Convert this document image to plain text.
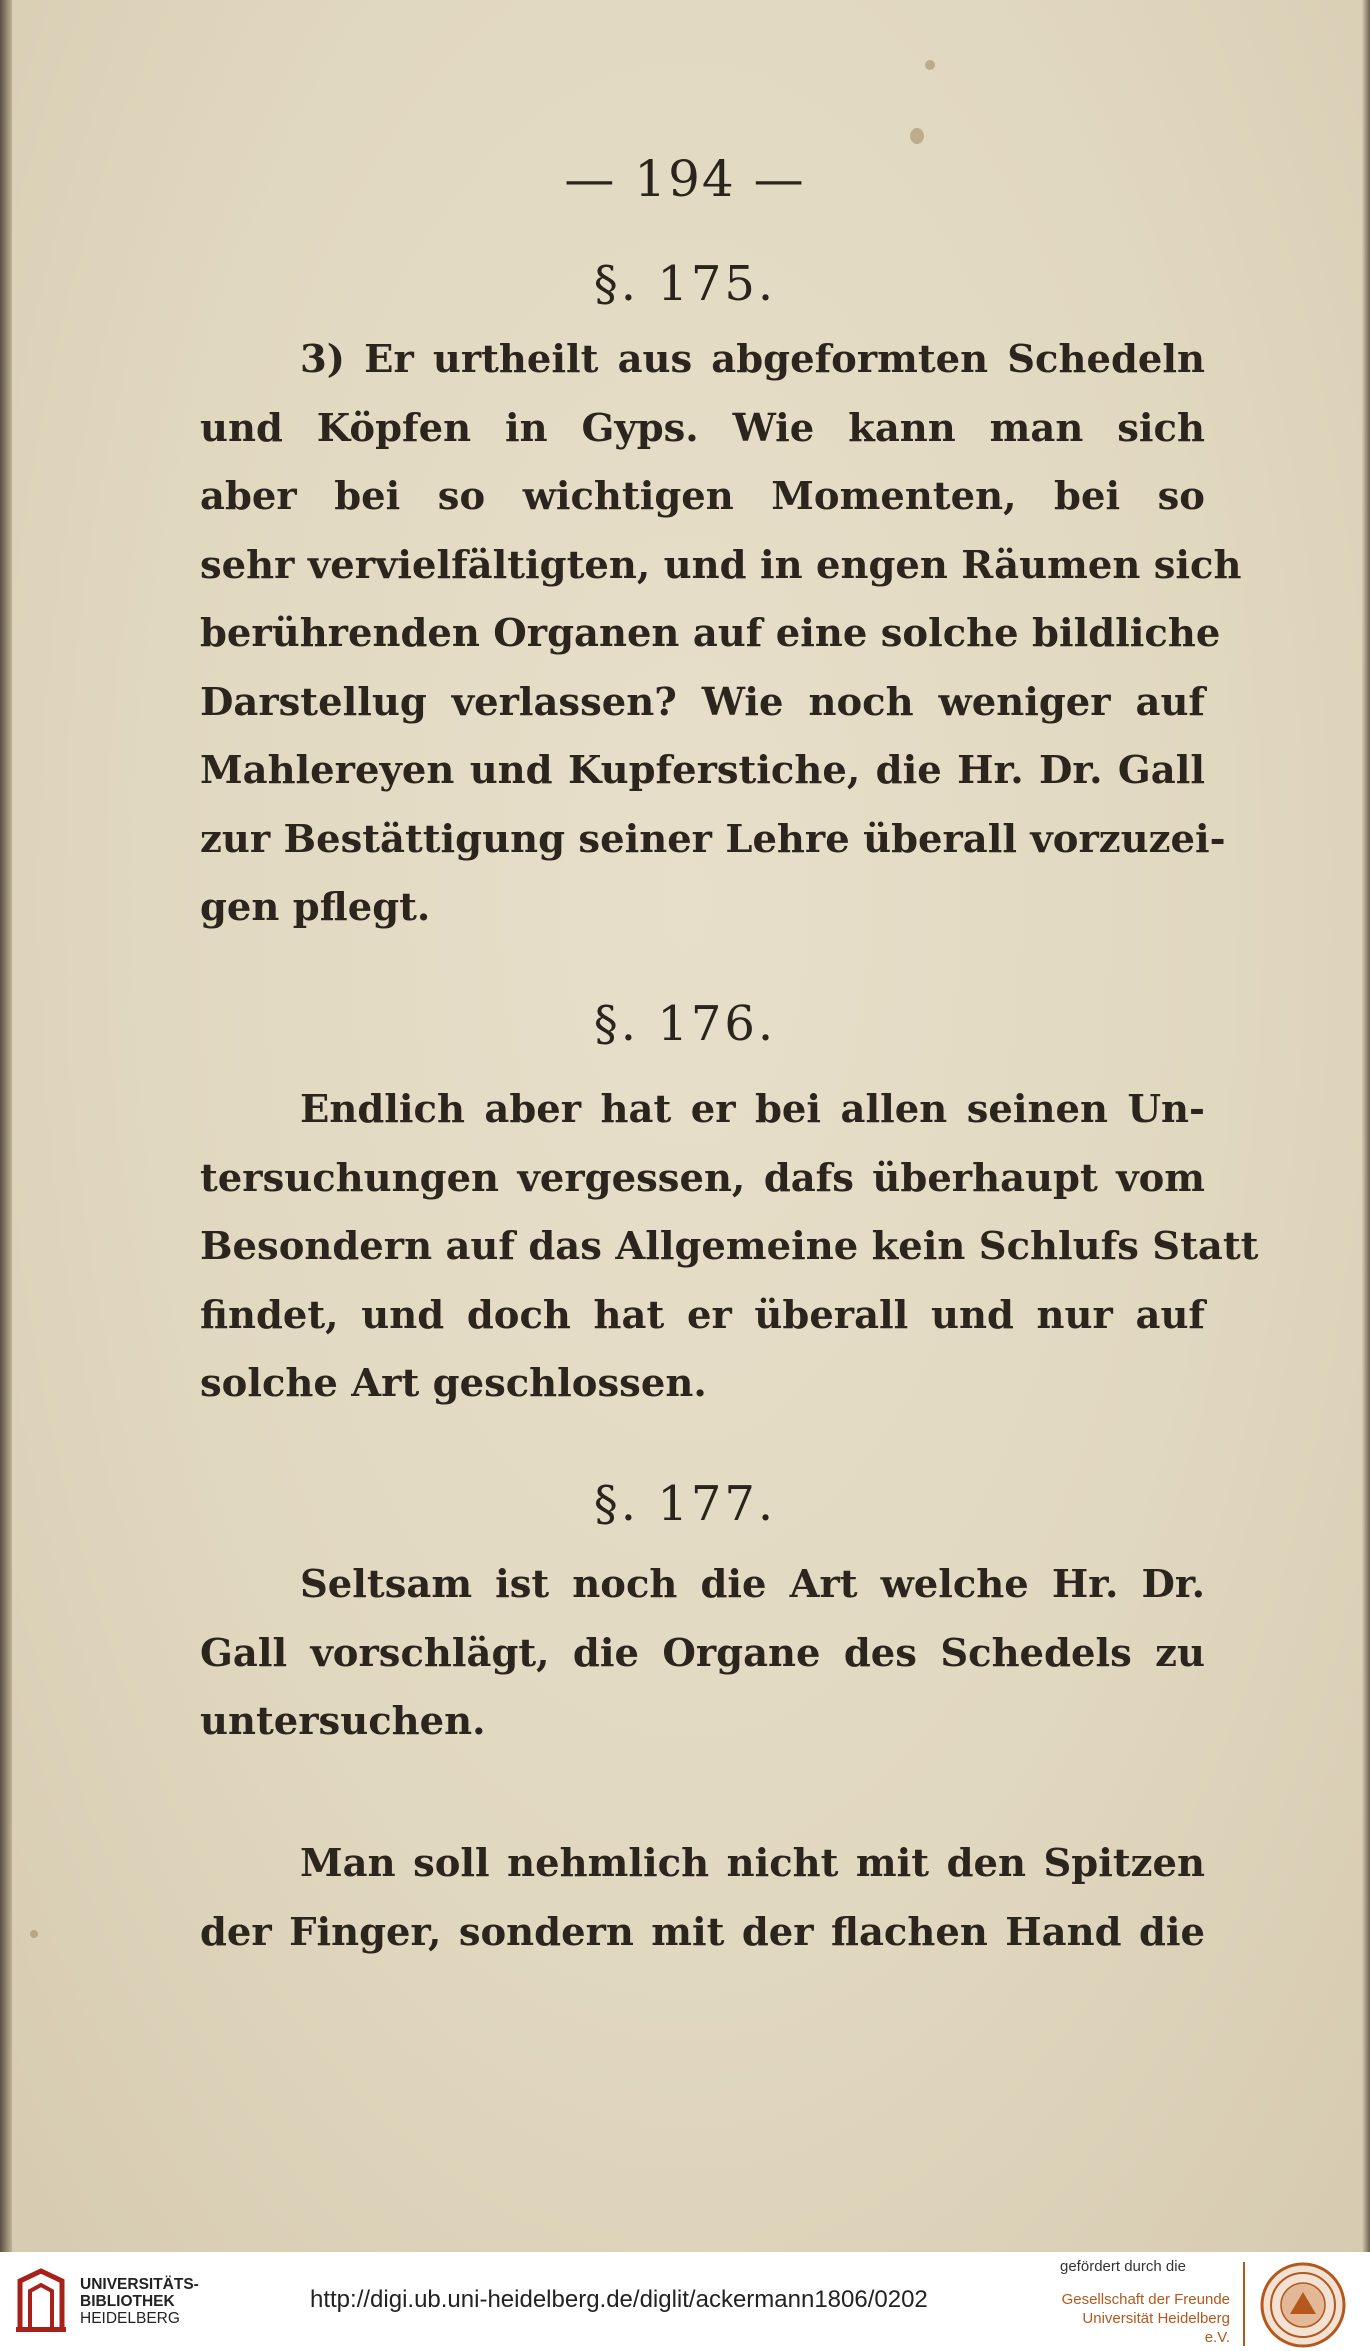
— 194 —
§. 175.
3) Er urtheilt aus abgeformten Schedeln
und Köpfen in Gyps. Wie kann man sich
aber bei so wichtigen Momenten, bei so
sehr vervielfältigten, und in engen Räumen sich
berührenden Organen auf eine solche bildliche
Darstellug verlassen? Wie noch weniger auf
Mahlereyen und Kupferstiche, die Hr. Dr. Gall
zur Bestättigung seiner Lehre überall vorzuzei-
gen pflegt.
§. 176.
Endlich aber hat er bei allen seinen Un-
tersuchungen vergessen, dafs überhaupt vom
Besondern auf das Allgemeine kein Schlufs Statt
findet, und doch hat er überall und nur auf
solche Art geschlossen.
§. 177.
Seltsam ist noch die Art welche Hr. Dr.
Gall vorschlägt, die Organe des Schedels zu
untersuchen.
Man soll nehmlich nicht mit den Spitzen
der Finger, sondern mit der flachen Hand die
UNIVERSITÄTS-
BIBLIOTHEK
HEIDELBERG
http://digi.ub.uni-heidelberg.de/diglit/ackermann1806/0202
gefördert durch die
Gesellschaft der Freunde
Universität Heidelberg e.V.
